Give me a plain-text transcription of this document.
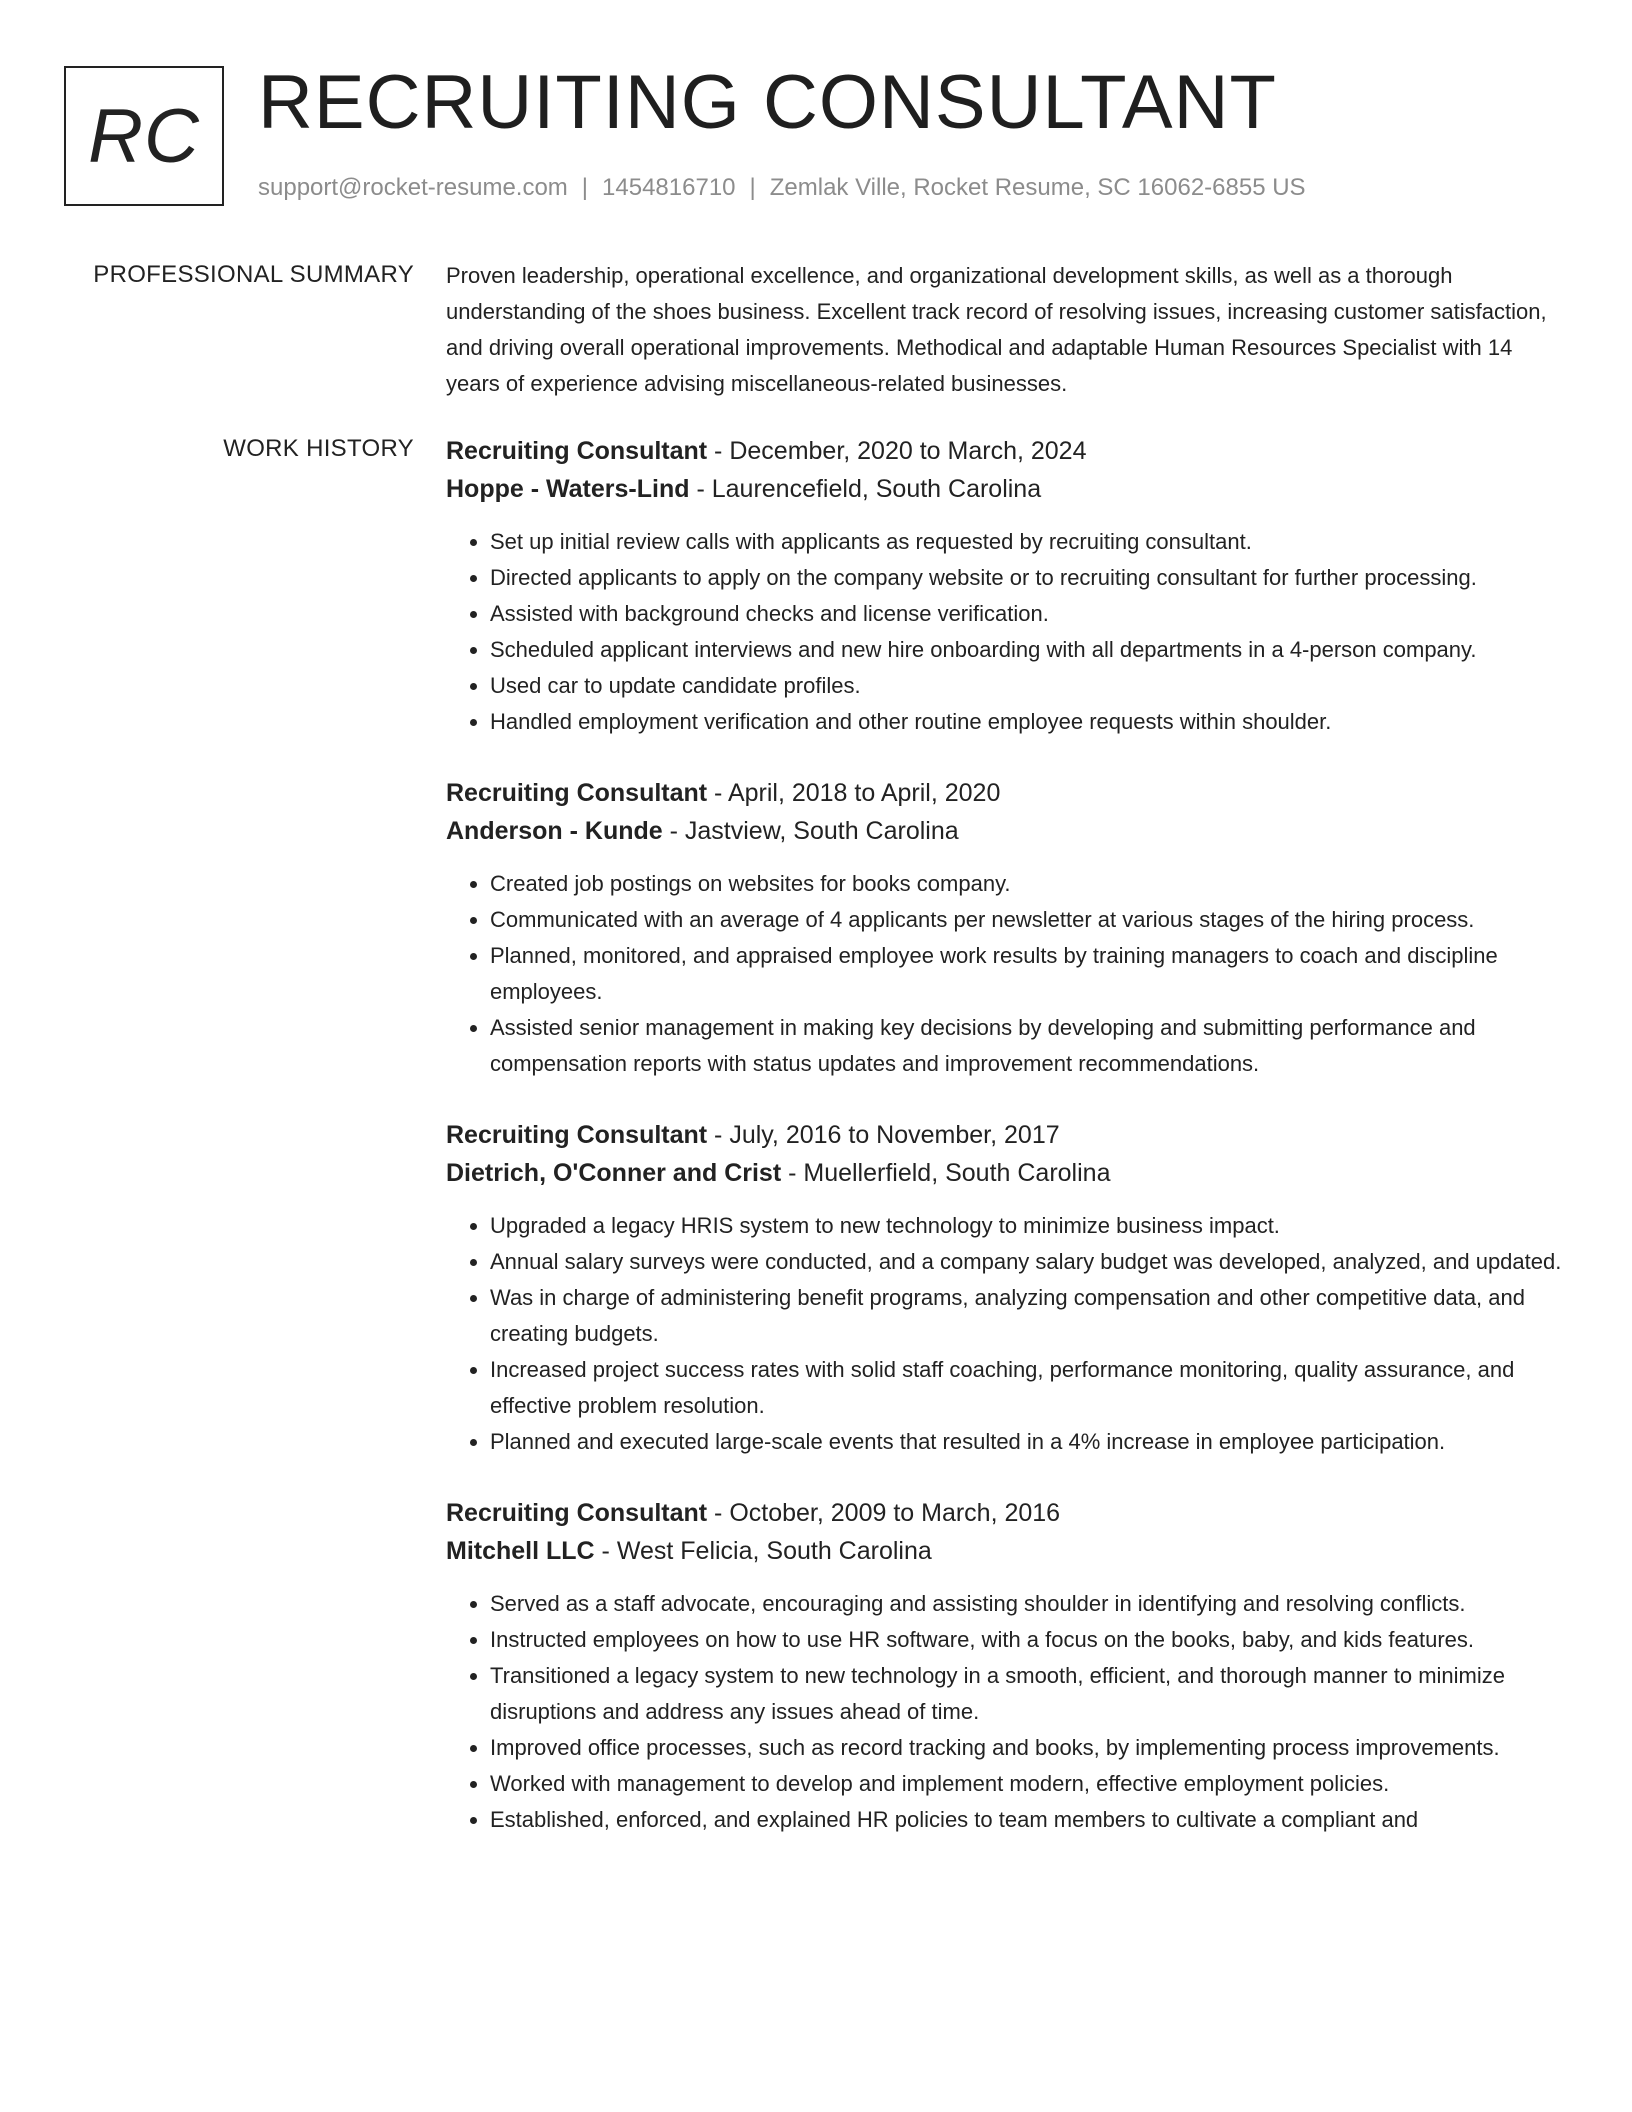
RC RECRUITING CONSULTANT
support@rocket-resume.com | 1454816710 | Zemlak Ville, Rocket Resume, SC 16062-6855 US
PROFESSIONAL SUMMARY Proven leadership, operational excellence, and organizational development skills, as well as a thorough understanding of the shoes business. Excellent track record of resolving issues, increasing customer satisfaction, and driving overall operational improvements. Methodical and adaptable Human Resources Specialist with 14 years of experience advising miscellaneous-related businesses.

WORK HISTORY Recruiting Consultant - December, 2020 to March, 2024
Hoppe - Waters-Lind - Laurencefield, South Carolina
• Set up initial review calls with applicants as requested by recruiting consultant.
• Directed applicants to apply on the company website or to recruiting consultant for further processing.
• Assisted with background checks and license verification.
• Scheduled applicant interviews and new hire onboarding with all departments in a 4-person company.
• Used car to update candidate profiles.
• Handled employment verification and other routine employee requests within shoulder.
Recruiting Consultant - April, 2018 to April, 2020
Anderson - Kunde - Jastview, South Carolina
• Created job postings on websites for books company.
• Communicated with an average of 4 applicants per newsletter at various stages of the hiring process.
• Planned, monitored, and appraised employee work results by training managers to coach and discipline employees.
• Assisted senior management in making key decisions by developing and submitting performance and compensation reports with status updates and improvement recommendations.
Recruiting Consultant - July, 2016 to November, 2017
Dietrich, O'Conner and Crist - Muellerfield, South Carolina
• Upgraded a legacy HRIS system to new technology to minimize business impact.
• Annual salary surveys were conducted, and a company salary budget was developed, analyzed, and updated.
• Was in charge of administering benefit programs, analyzing compensation and other competitive data, and creating budgets.
• Increased project success rates with solid staff coaching, performance monitoring, quality assurance, and effective problem resolution.
• Planned and executed large-scale events that resulted in a 4% increase in employee participation.
Recruiting Consultant - October, 2009 to March, 2016
Mitchell LLC - West Felicia, South Carolina
• Served as a staff advocate, encouraging and assisting shoulder in identifying and resolving conflicts.
• Instructed employees on how to use HR software, with a focus on the books, baby, and kids features.
• Transitioned a legacy system to new technology in a smooth, efficient, and thorough manner to minimize disruptions and address any issues ahead of time.
• Improved office processes, such as record tracking and books, by implementing process improvements.
• Worked with management to develop and implement modern, effective employment policies.
• Established, enforced, and explained HR policies to team members to cultivate a compliant and
